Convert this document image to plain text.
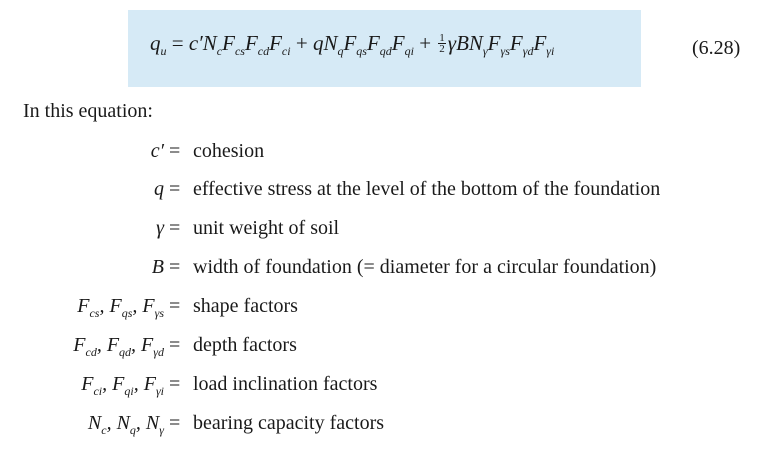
$q_u = c'N_cF_{cs}F_{cd}F_{ci} + qN_qF_{qs}F_{qd}F_{qi} + \frac{1}{2} \gamma BN_\gamma F_{\gamma s}F_{\gamma d}F_{\gamma i}$	(6.28)
In this equation:
c′ = cohesion
q = effective stress at the level of the bottom of the foundation
γ = unit weight of soil
B = width of foundation (= diameter for a circular foundation)
$F_{cs}$, $F_{qs}$, $F_{\gamma s}$ = shape factors
$F_{cd}$, $F_{qd}$, $F_{\gamma d}$ = depth factors
$F_{ci}$, $F_{qi}$, $F_{\gamma i}$ = load inclination factors
$N_c$, $N_q$, $N_\gamma$ = bearing capacity factors
